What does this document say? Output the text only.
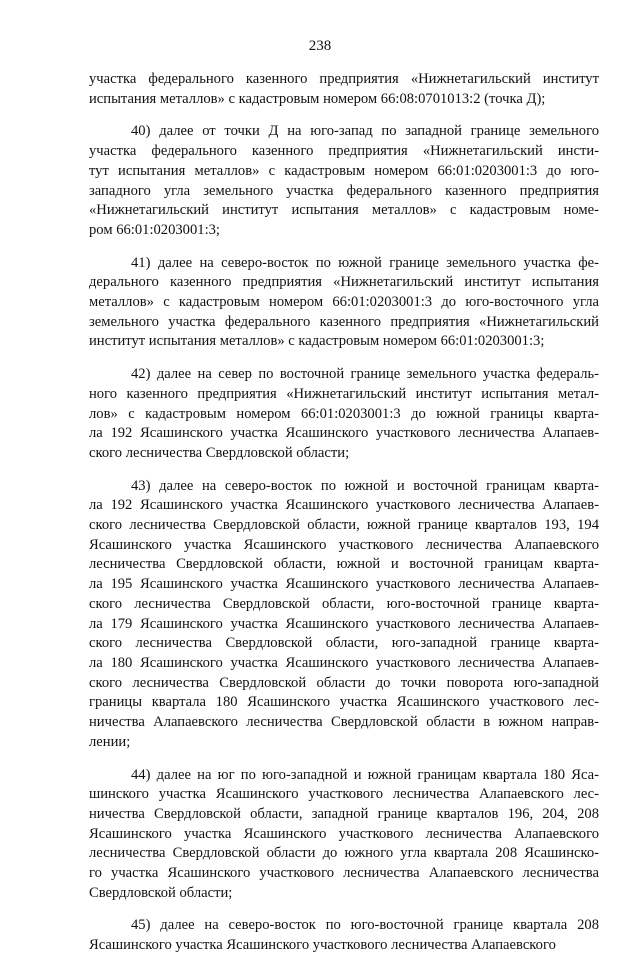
238
участка федерального казенного предприятия «Нижнетагильский институт
испытания металлов» с кадастровым номером 66:08:0701013:2 (точка Д);
40) далее от точки Д на юго-запад по западной границе земельного
участка федерального казенного предприятия «Нижнетагильский инсти-
тут испытания металлов» с кадастровым номером 66:01:0203001:3 до юго-
западного угла земельного участка федерального казенного предприятия
«Нижнетагильский институт испытания металлов» с кадастровым номе-
ром 66:01:0203001:3;
41) далее на северо-восток по южной границе земельного участка фе-
дерального казенного предприятия «Нижнетагильский институт испытания
металлов» с кадастровым номером 66:01:0203001:3 до юго-восточного угла
земельного участка федерального казенного предприятия «Нижнетагильский
институт испытания металлов» с кадастровым номером 66:01:0203001:3;
42) далее на север по восточной границе земельного участка федераль-
ного казенного предприятия «Нижнетагильский институт испытания метал-
лов» с кадастровым номером 66:01:0203001:3 до южной границы кварта-
ла 192 Ясашинского участка Ясашинского участкового лесничества Алапаев-
ского лесничества Свердловской области;
43) далее на северо-восток по южной и восточной границам кварта-
ла 192 Ясашинского участка Ясашинского участкового лесничества Алапаев-
ского лесничества Свердловской области, южной границе кварталов 193, 194
Ясашинского участка Ясашинского участкового лесничества Алапаевского
лесничества Свердловской области, южной и восточной границам кварта-
ла 195 Ясашинского участка Ясашинского участкового лесничества Алапаев-
ского лесничества Свердловской области, юго-восточной границе кварта-
ла 179 Ясашинского участка Ясашинского участкового лесничества Алапаев-
ского лесничества Свердловской области, юго-западной границе кварта-
ла 180 Ясашинского участка Ясашинского участкового лесничества Алапаев-
ского лесничества Свердловской области до точки поворота юго-западной
границы квартала 180 Ясашинского участка Ясашинского участкового лес-
ничества Алапаевского лесничества Свердловской области в южном направ-
лении;
44) далее на юг по юго-западной и южной границам квартала 180 Яса-
шинского участка Ясашинского участкового лесничества Алапаевского лес-
ничества Свердловской области, западной границе кварталов 196, 204, 208
Ясашинского участка Ясашинского участкового лесничества Алапаевского
лесничества Свердловской области до южного угла квартала 208 Ясашинско-
го участка Ясашинского участкового лесничества Алапаевского лесничества
Свердловской области;
45) далее на северо-восток по юго-восточной границе квартала 208
Ясашинского участка Ясашинского участкового лесничества Алапаевского
